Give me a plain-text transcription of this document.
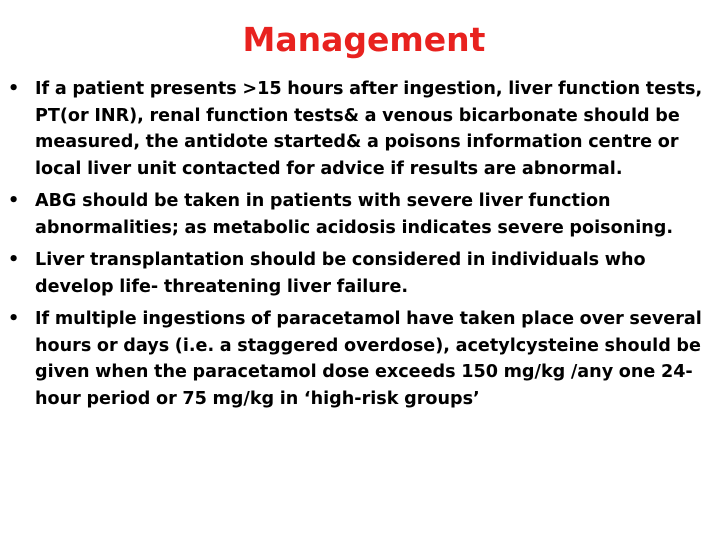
Management
• If a patient presents >15 hours after ingestion, liver function tests, PT(or INR), renal function tests& a venous bicarbonate should be measured, the antidote started& a poisons information centre or local liver unit contacted for advice if results are abnormal.
• ABG should be taken in patients with severe liver function abnormalities; as metabolic acidosis indicates severe poisoning.
• Liver transplantation should be considered in individuals who develop life- threatening liver failure.
• If multiple ingestions of paracetamol have taken place over several hours or days (i.e. a staggered overdose), acetylcysteine should be given when the paracetamol dose exceeds 150 mg/kg /any one 24-hour period or 75 mg/kg in ‘high-risk groups’
